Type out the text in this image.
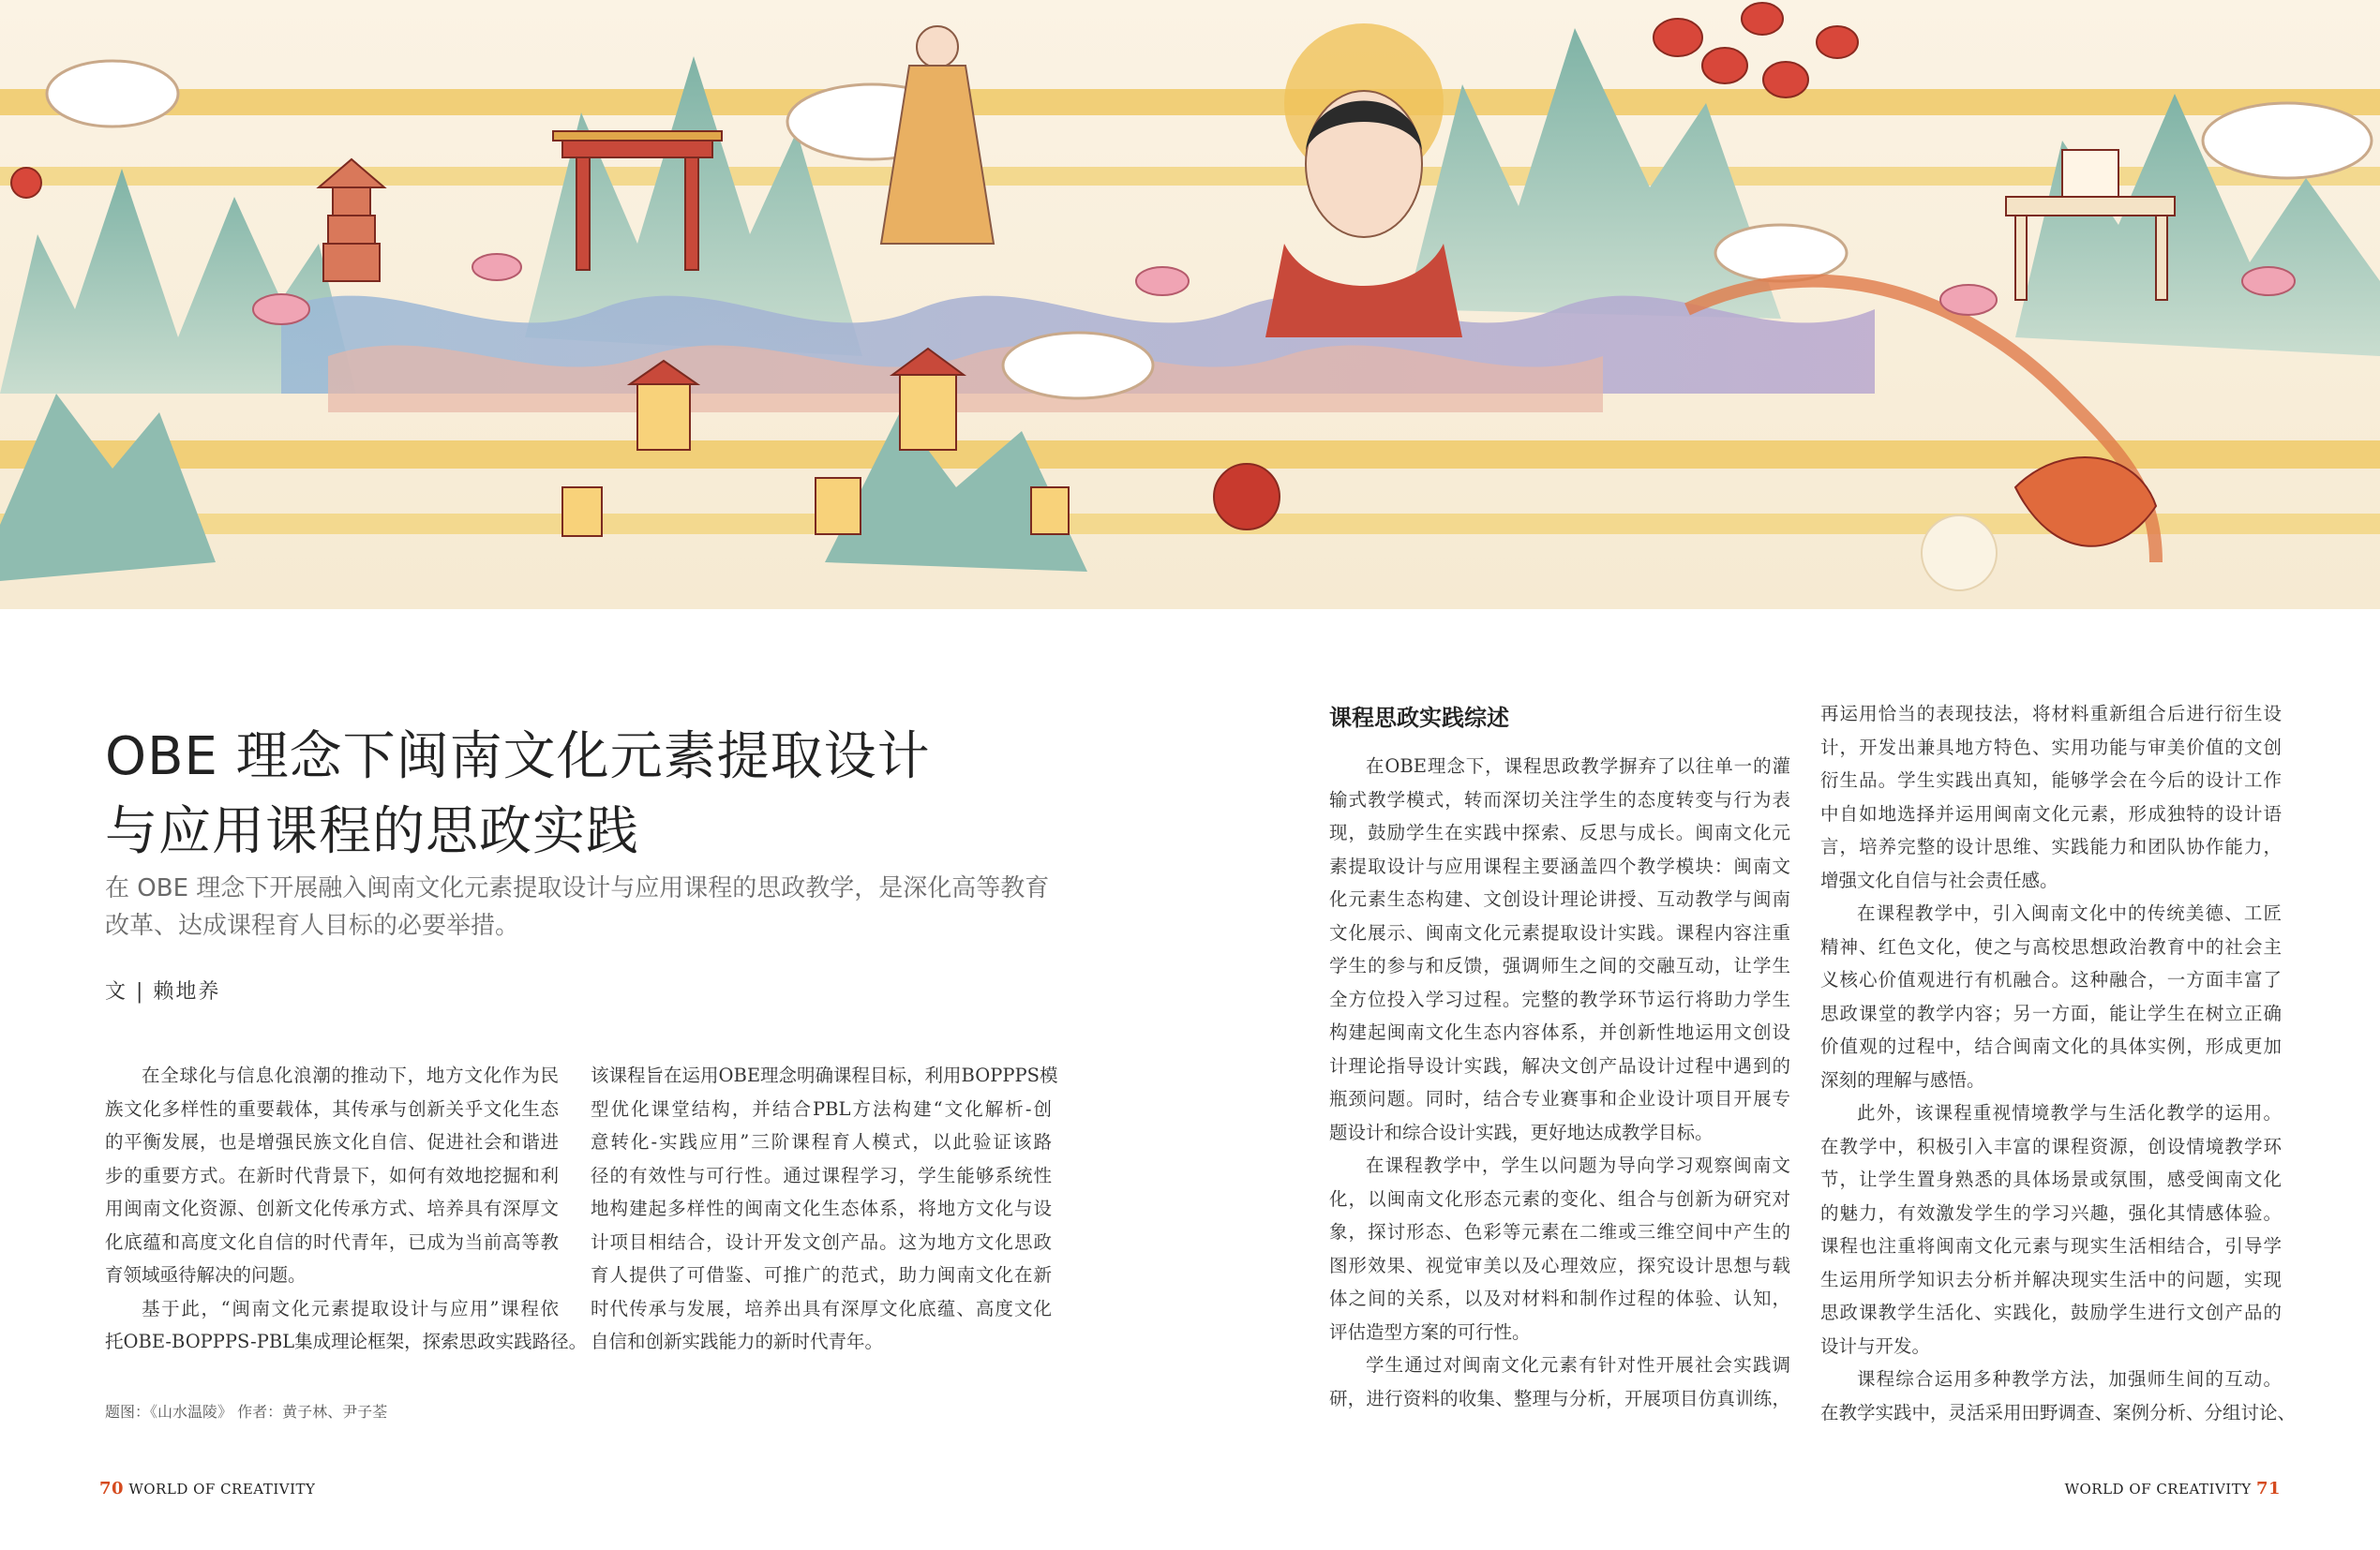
OBE 理念下闽南文化元素提取设计
与应用课程的思政实践
在 OBE 理念下开展融入闽南文化元素提取设计与应用课程的思政教学，是深化高等教育
改革、达成课程育人目标的必要举措。
文 | 赖地养
在全球化与信息化浪潮的推动下，地方文化作为民
族文化多样性的重要载体，其传承与创新关乎文化生态
的平衡发展，也是增强民族文化自信、促进社会和谐进
步的重要方式。在新时代背景下，如何有效地挖掘和利
用闽南文化资源、创新文化传承方式、培养具有深厚文
化底蕴和高度文化自信的时代青年，已成为当前高等教
育领域亟待解决的问题。
基于此，“闽南文化元素提取设计与应用”课程依
托OBE-BOPPPS-PBL集成理论框架，探索思政实践路径。
该课程旨在运用OBE理念明确课程目标，利用BOPPPS模
型优化课堂结构，并结合PBL方法构建“文化解析-创
意转化-实践应用”三阶课程育人模式，以此验证该路
径的有效性与可行性。通过课程学习，学生能够系统性
地构建起多样性的闽南文化生态体系，将地方文化与设
计项目相结合，设计开发文创产品。这为地方文化思政
育人提供了可借鉴、可推广的范式，助力闽南文化在新
时代传承与发展，培养出具有深厚文化底蕴、高度文化
自信和创新实践能力的新时代青年。
题图：《山水温陵》 作者：黄子林、尹子荃
70 WORLD OF CREATIVITY
课程思政实践综述
在OBE理念下，课程思政教学摒弃了以往单一的灌
输式教学模式，转而深切关注学生的态度转变与行为表
现，鼓励学生在实践中探索、反思与成长。闽南文化元
素提取设计与应用课程主要涵盖四个教学模块：闽南文
化元素生态构建、文创设计理论讲授、互动教学与闽南
文化展示、闽南文化元素提取设计实践。课程内容注重
学生的参与和反馈，强调师生之间的交融互动，让学生
全方位投入学习过程。完整的教学环节运行将助力学生
构建起闽南文化生态内容体系，并创新性地运用文创设
计理论指导设计实践，解决文创产品设计过程中遇到的
瓶颈问题。同时，结合专业赛事和企业设计项目开展专
题设计和综合设计实践，更好地达成教学目标。
在课程教学中，学生以问题为导向学习观察闽南文
化，以闽南文化形态元素的变化、组合与创新为研究对
象，探讨形态、色彩等元素在二维或三维空间中产生的
图形效果、视觉审美以及心理效应，探究设计思想与载
体之间的关系，以及对材料和制作过程的体验、认知，
评估造型方案的可行性。
学生通过对闽南文化元素有针对性开展社会实践调
研，进行资料的收集、整理与分析，开展项目仿真训练，
再运用恰当的表现技法，将材料重新组合后进行衍生设
计，开发出兼具地方特色、实用功能与审美价值的文创
衍生品。学生实践出真知，能够学会在今后的设计工作
中自如地选择并运用闽南文化元素，形成独特的设计语
言，培养完整的设计思维、实践能力和团队协作能力，
增强文化自信与社会责任感。
在课程教学中，引入闽南文化中的传统美德、工匠
精神、红色文化，使之与高校思想政治教育中的社会主
义核心价值观进行有机融合。这种融合，一方面丰富了
思政课堂的教学内容；另一方面，能让学生在树立正确
价值观的过程中，结合闽南文化的具体实例，形成更加
深刻的理解与感悟。
此外，该课程重视情境教学与生活化教学的运用。
在教学中，积极引入丰富的课程资源，创设情境教学环
节，让学生置身熟悉的具体场景或氛围，感受闽南文化
的魅力，有效激发学生的学习兴趣，强化其情感体验。
课程也注重将闽南文化元素与现实生活相结合，引导学
生运用所学知识去分析并解决现实生活中的问题，实现
思政课教学生活化、实践化，鼓励学生进行文创产品的
设计与开发。
课程综合运用多种教学方法，加强师生间的互动。
在教学实践中，灵活采用田野调查、案例分析、分组讨论、
WORLD OF CREATIVITY 71
